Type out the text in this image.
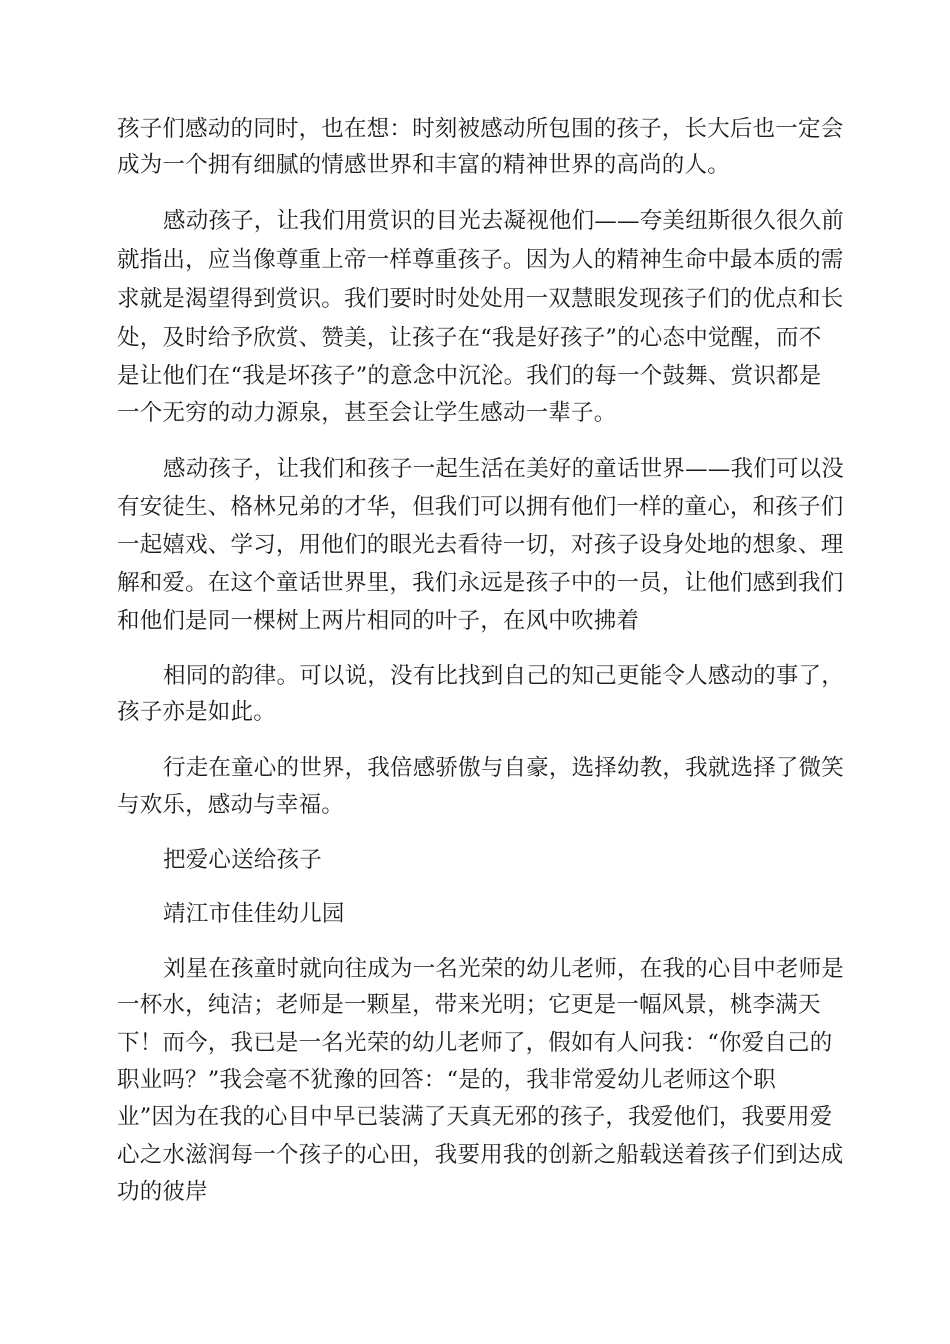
孩子们感动的同时，也在想：时刻被感动所包围的孩子，长大后也一定会
成为一个拥有细腻的情感世界和丰富的精神世界的高尚的人。
感动孩子，让我们用赏识的目光去凝视他们——夸美纽斯很久很久前
就指出，应当像尊重上帝一样尊重孩子。因为人的精神生命中最本质的需
求就是渴望得到赏识。我们要时时处处用一双慧眼发现孩子们的优点和长
处，及时给予欣赏、赞美，让孩子在“我是好孩子”的心态中觉醒，而不
是让他们在“我是坏孩子”的意念中沉沦。我们的每一个鼓舞、赏识都是
一个无穷的动力源泉，甚至会让学生感动一辈子。
感动孩子，让我们和孩子一起生活在美好的童话世界——我们可以没
有安徒生、格林兄弟的才华，但我们可以拥有他们一样的童心，和孩子们
一起嬉戏、学习，用他们的眼光去看待一切，对孩子设身处地的想象、理
解和爱。在这个童话世界里，我们永远是孩子中的一员，让他们感到我们
和他们是同一棵树上两片相同的叶子，在风中吹拂着
相同的韵律。可以说，没有比找到自己的知己更能令人感动的事了，
孩子亦是如此。
行走在童心的世界，我倍感骄傲与自豪，选择幼教，我就选择了微笑
与欢乐，感动与幸福。
把爱心送给孩子
靖江市佳佳幼儿园
刘星在孩童时就向往成为一名光荣的幼儿老师，在我的心目中老师是
一杯水，纯洁；老师是一颗星，带来光明；它更是一幅风景，桃李满天
下！而今，我已是一名光荣的幼儿老师了，假如有人问我：“你爱自己的
职业吗？”我会毫不犹豫的回答：“是的，我非常爱幼儿老师这个职
业”因为在我的心目中早已装满了天真无邪的孩子，我爱他们，我要用爱
心之水滋润每一个孩子的心田，我要用我的创新之船载送着孩子们到达成
功的彼岸
